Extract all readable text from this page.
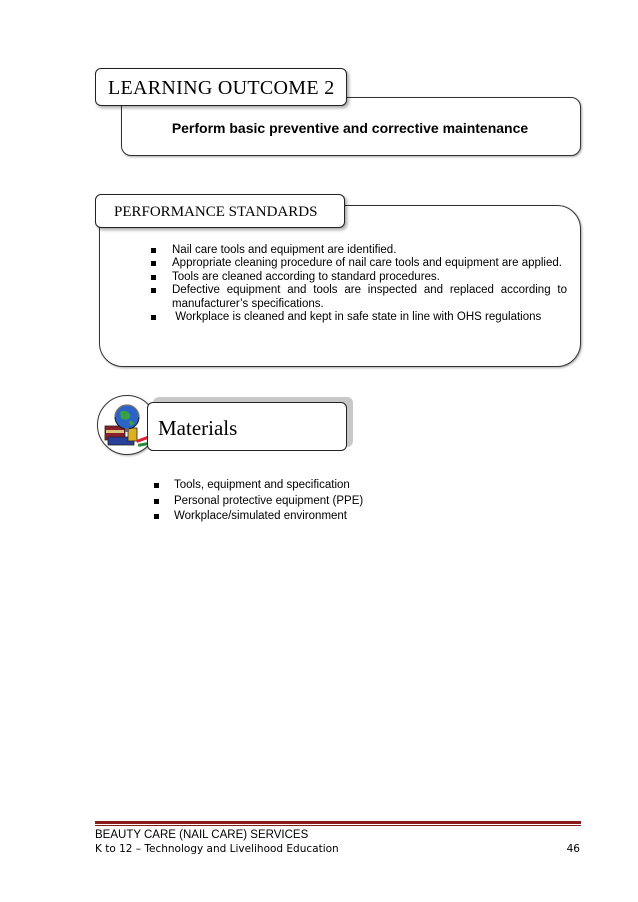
LEARNING OUTCOME 2
Perform basic preventive and corrective maintenance
PERFORMANCE STANDARDS
Nail care tools and equipment are identified.
Appropriate cleaning procedure of nail care tools and equipment are applied.
Tools are cleaned according to standard procedures.
Defective equipment and tools are inspected and replaced according to manufacturer’s specifications.
Workplace is cleaned and kept in safe state in line with OHS regulations
Materials
Tools, equipment and specification
Personal protective equipment (PPE)
Workplace/simulated environment
BEAUTY CARE (NAIL CARE) SERVICES
K to 12 – Technology and Livelihood Education	46
